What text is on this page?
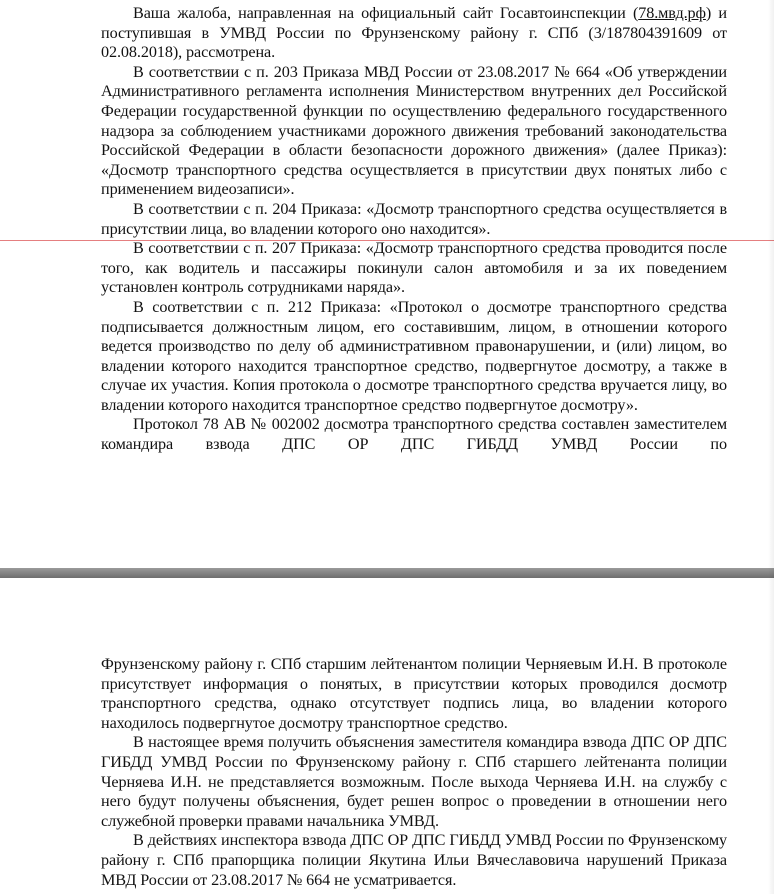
Ваша жалоба, направленная на официальный сайт Госавтоинспекции (78.мвд.рф) и поступившая в УМВД России по Фрунзенскому району г. СПб (3/187804391609 от 02.08.2018), рассмотрена.

В соответствии с п. 203 Приказа МВД России от 23.08.2017 № 664 «Об утверждении Административного регламента исполнения Министерством внутренних дел Российской Федерации государственной функции по осуществлению федерального государственного надзора за соблюдением участниками дорожного движения требований законодательства Российской Федерации в области безопасности дорожного движения» (далее Приказ): «Досмотр транспортного средства осуществляется в присутствии двух понятых либо с применением видеозаписи».

В соответствии с п. 204 Приказа: «Досмотр транспортного средства осуществляется в присутствии лица, во владении которого оно находится».

В соответствии с п. 207 Приказа: «Досмотр транспортного средства проводится после того, как водитель и пассажиры покинули салон автомобиля и за их поведением установлен контроль сотрудниками наряда».

В соответствии с п. 212 Приказа: «Протокол о досмотре транспортного средства подписывается должностным лицом, его составившим, лицом, в отношении которого ведется производство по делу об административном правонарушении, и (или) лицом, во владении которого находится транспортное средство, подвергнутое досмотру, а также в случае их участия. Копия протокола о досмотре транспортного средства вручается лицу, во владении которого находится транспортное средство подвергнутое досмотру».

Протокол 78 АВ № 002002 досмотра транспортного средства составлен заместителем командира взвода ДПС ОР ДПС ГИБДД УМВД России по

Фрунзенскому району г. СПб старшим лейтенантом полиции Черняевым И.Н. В протоколе присутствует информация о понятых, в присутствии которых проводился досмотр транспортного средства, однако отсутствует подпись лица, во владении которого находилось подвергнутое досмотру транспортное средство.

В настоящее время получить объяснения заместителя командира взвода ДПС ОР ДПС ГИБДД УМВД России по Фрунзенскому району г. СПб старшего лейтенанта полиции Черняева И.Н. не представляется возможным. После выхода Черняева И.Н. на службу с него будут получены объяснения, будет решен вопрос о проведении в отношении него служебной проверки правами начальника УМВД.

В действиях инспектора взвода ДПС ОР ДПС ГИБДД УМВД России по Фрунзенскому району г. СПб прапорщика полиции Якутина Ильи Вячеславовича нарушений Приказа МВД России от 23.08.2017 № 664 не усматривается.
